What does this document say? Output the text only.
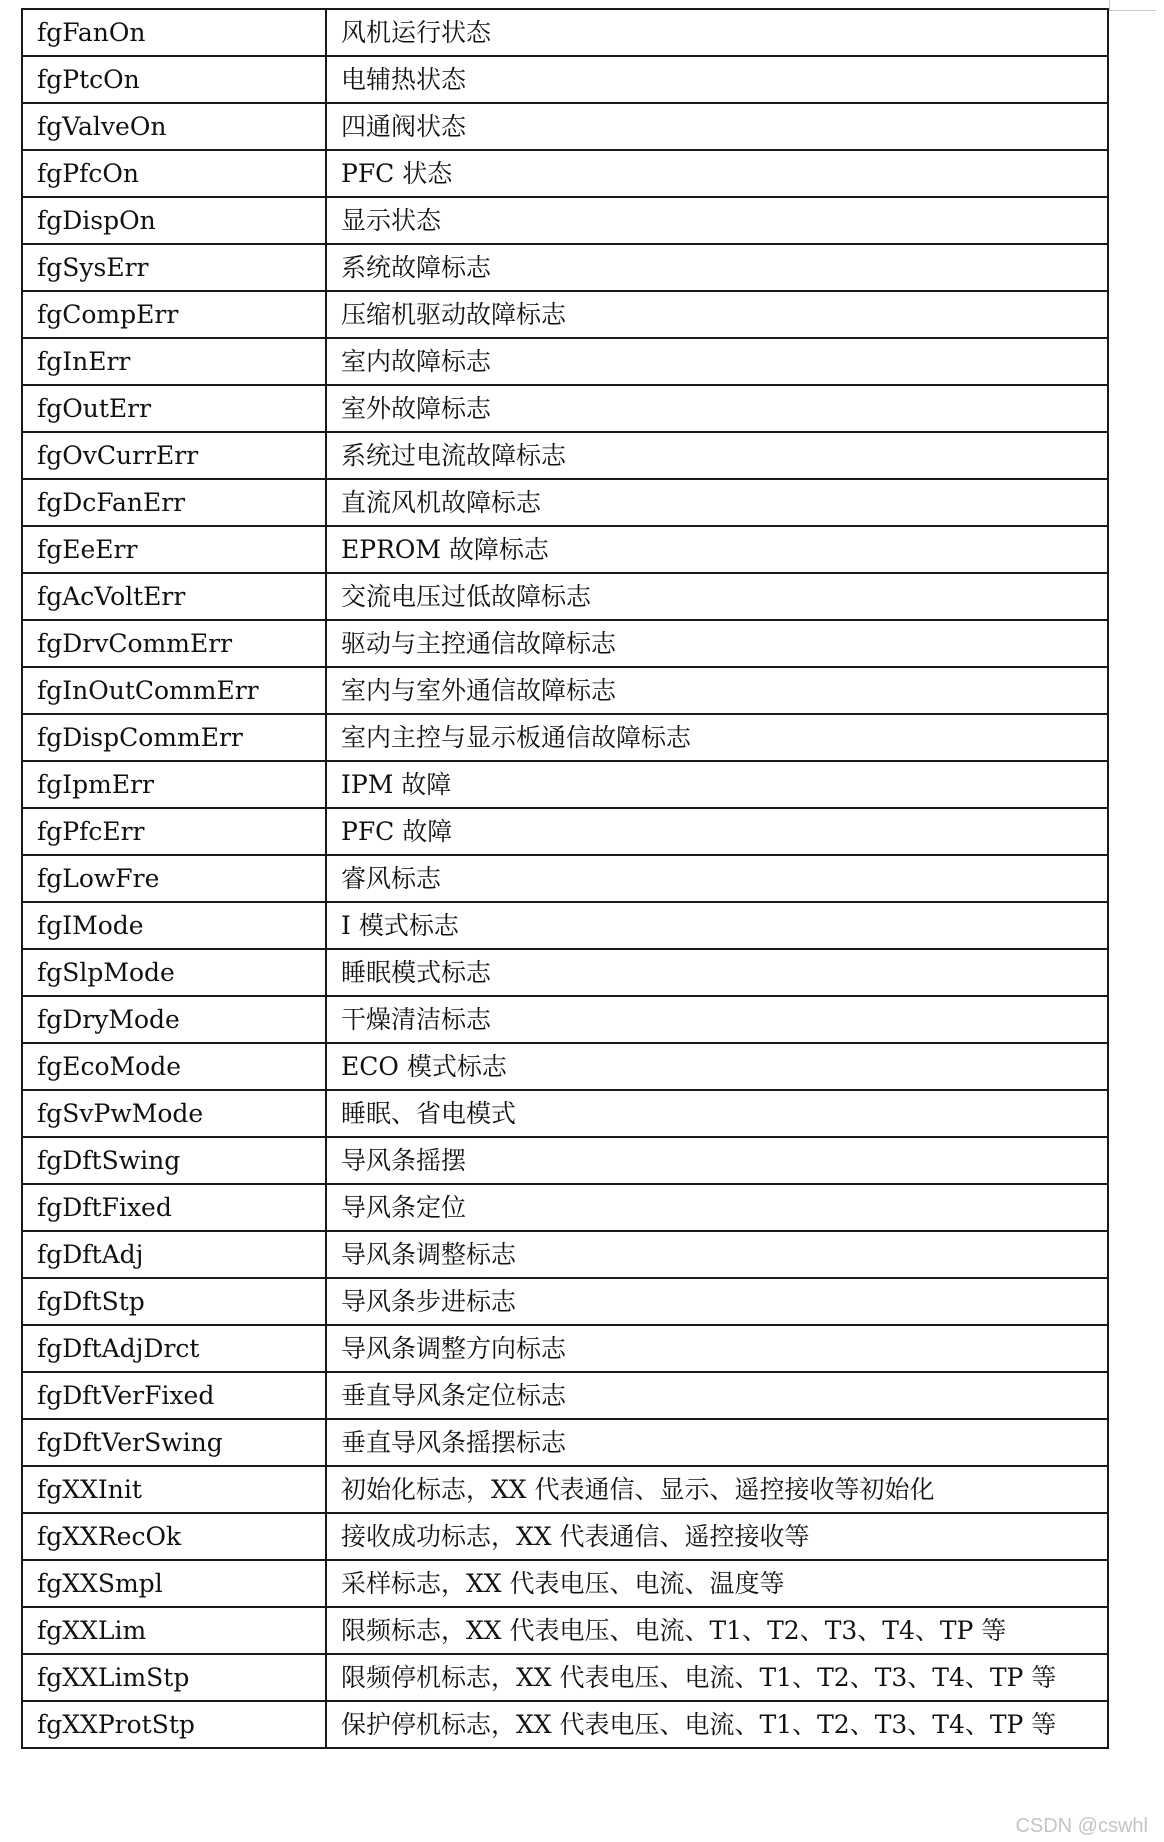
fgFanOn	风机运行状态
fgPtcOn	电辅热状态
fgValveOn	四通阀状态
fgPfcOn	PFC 状态
fgDispOn	显示状态
fgSysErr	系统故障标志
fgCompErr	压缩机驱动故障标志
fgInErr	室内故障标志
fgOutErr	室外故障标志
fgOvCurrErr	系统过电流故障标志
fgDcFanErr	直流风机故障标志
fgEeErr	EPROM 故障标志
fgAcVoltErr	交流电压过低故障标志
fgDrvCommErr	驱动与主控通信故障标志
fgInOutCommErr	室内与室外通信故障标志
fgDispCommErr	室内主控与显示板通信故障标志
fgIpmErr	IPM 故障
fgPfcErr	PFC 故障
fgLowFre	睿风标志
fgIMode	I 模式标志
fgSlpMode	睡眠模式标志
fgDryMode	干燥清洁标志
fgEcoMode	ECO 模式标志
fgSvPwMode	睡眠、省电模式
fgDftSwing	导风条摇摆
fgDftFixed	导风条定位
fgDftAdj	导风条调整标志
fgDftStp	导风条步进标志
fgDftAdjDrct	导风条调整方向标志
fgDftVerFixed	垂直导风条定位标志
fgDftVerSwing	垂直导风条摇摆标志
fgXXInit	初始化标志，XX 代表通信、显示、遥控接收等初始化
fgXXRecOk	接收成功标志，XX 代表通信、遥控接收等
fgXXSmpl	采样标志，XX 代表电压、电流、温度等
fgXXLim	限频标志，XX 代表电压、电流、T1、T2、T3、T4、TP 等
fgXXLimStp	限频停机标志，XX 代表电压、电流、T1、T2、T3、T4、TP 等
fgXXProtStp	保护停机标志，XX 代表电压、电流、T1、T2、T3、T4、TP 等
CSDN @cswhl
